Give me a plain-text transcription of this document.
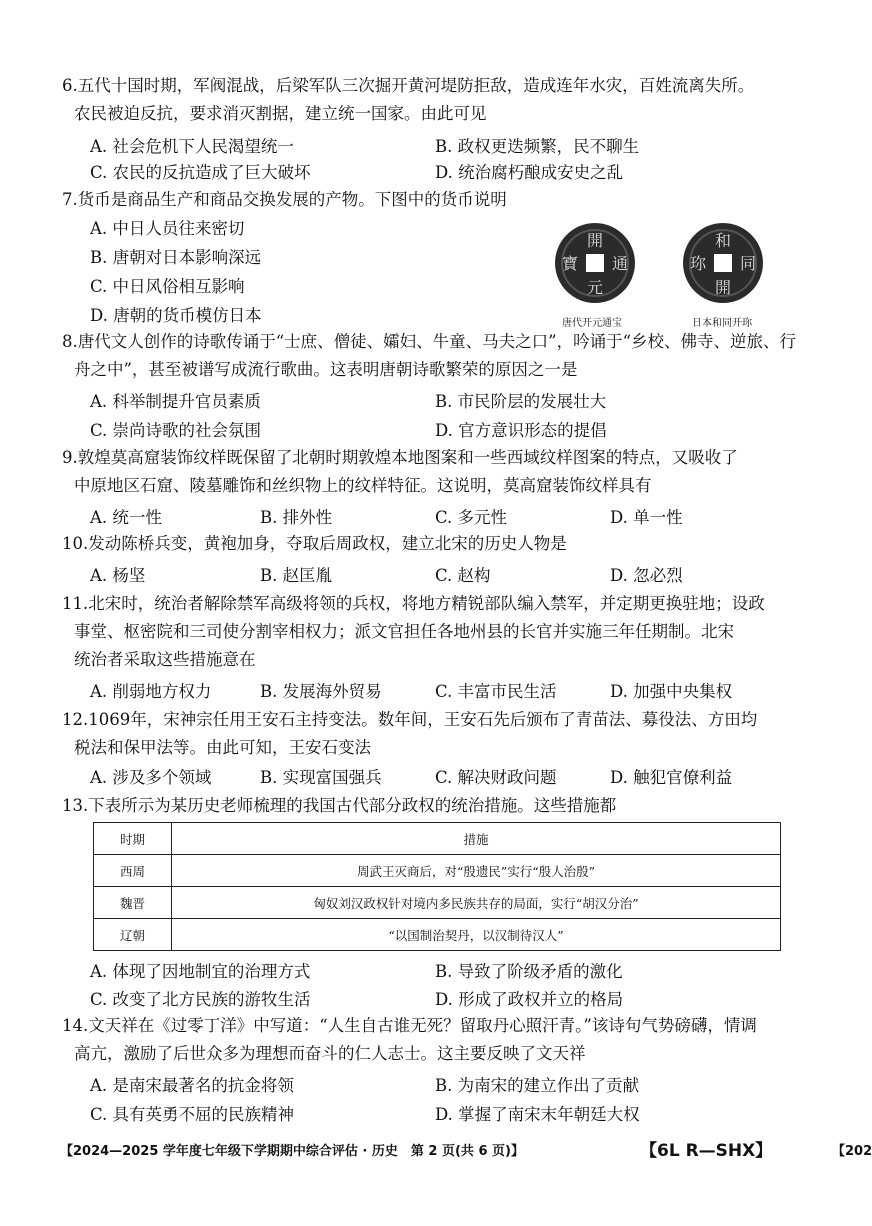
6.五代十国时期，军阀混战，后梁军队三次掘开黄河堤防拒敌，造成连年水灾，百姓流离失所。
农民被迫反抗，要求消灭割据，建立统一国家。由此可见
A. 社会危机下人民渴望统一	B. 政权更迭频繁，民不聊生
C. 农民的反抗造成了巨大破坏	D. 统治腐朽酿成安史之乱
7.货币是商品生产和商品交换发展的产物。下图中的货币说明
A. 中日人员往来密切
B. 唐朝对日本影响深远
C. 中日风俗相互影响
D. 唐朝的货币模仿日本
開
元
通
寶
和
同
開
珎
唐代开元通宝	日本和同开珎
8.唐代文人创作的诗歌传诵于“士庶、僧徒、孀妇、牛童、马夫之口”，吟诵于“乡校、佛寺、逆旅、行
舟之中”，甚至被谱写成流行歌曲。这表明唐朝诗歌繁荣的原因之一是
A. 科举制提升官员素质	B. 市民阶层的发展壮大
C. 崇尚诗歌的社会氛围	D. 官方意识形态的提倡
9.敦煌莫高窟装饰纹样既保留了北朝时期敦煌本地图案和一些西域纹样图案的特点，又吸收了
中原地区石窟、陵墓雕饰和丝织物上的纹样特征。这说明，莫高窟装饰纹样具有
A. 统一性	B. 排外性	C. 多元性	D. 单一性
10.发动陈桥兵变，黄袍加身，夺取后周政权，建立北宋的历史人物是
A. 杨坚	B. 赵匡胤	C. 赵构	D. 忽必烈
11.北宋时，统治者解除禁军高级将领的兵权，将地方精锐部队编入禁军，并定期更换驻地；设政
事堂、枢密院和三司使分割宰相权力；派文官担任各地州县的长官并实施三年任期制。北宋
统治者采取这些措施意在
A. 削弱地方权力	B. 发展海外贸易	C. 丰富市民生活	D. 加强中央集权
12.1069年，宋神宗任用王安石主持变法。数年间，王安石先后颁布了青苗法、募役法、方田均
税法和保甲法等。由此可知，王安石变法
A. 涉及多个领域	B. 实现富国强兵	C. 解决财政问题	D. 触犯官僚利益
13.下表所示为某历史老师梳理的我国古代部分政权的统治措施。这些措施都
时期	措施
西周	周武王灭商后，对“殷遗民”实行“殷人治殷”
魏晋	匈奴刘汉政权针对境内多民族共存的局面，实行“胡汉分治”
辽朝	“以国制治契丹，以汉制待汉人”
A. 体现了因地制宜的治理方式	B. 导致了阶级矛盾的激化
C. 改变了北方民族的游牧生活	D. 形成了政权并立的格局
14.文天祥在《过零丁洋》中写道：“人生自古谁无死？留取丹心照汗青。”该诗句气势磅礴，情调
高亢，激励了后世众多为理想而奋斗的仁人志士。这主要反映了文天祥
A. 是南宋最著名的抗金将领	B. 为南宋的建立作出了贡献
C. 具有英勇不屈的民族精神	D. 掌握了南宋末年朝廷大权
【2024—2025 学年度七年级下学期期中综合评估 · 历史　第 2 页(共 6 页)】	【6L R—SHX】	【202
